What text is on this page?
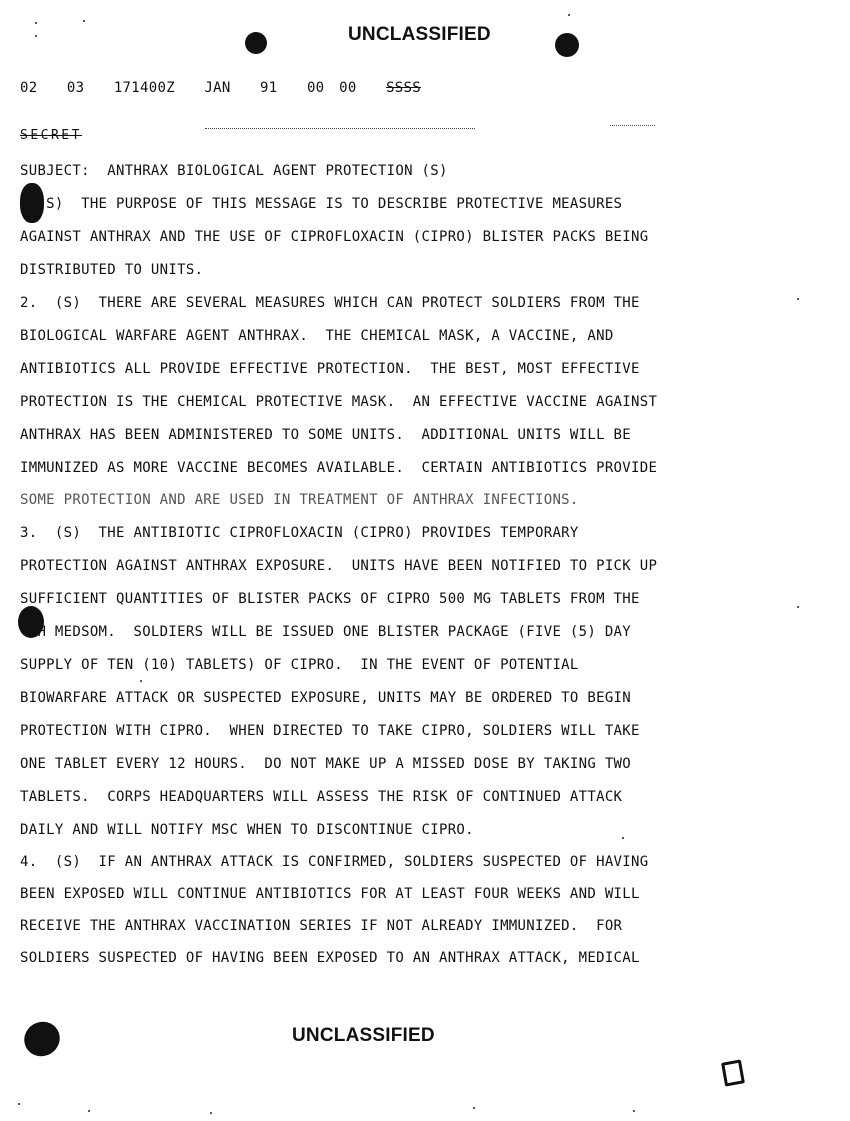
UNCLASSIFIED
02  03  171400Z  JAN  91  00 00  SSSS
SECRET
SUBJECT:  ANTHRAX BIOLOGICAL AGENT PROTECTION (S)
(S)  THE PURPOSE OF THIS MESSAGE IS TO DESCRIBE PROTECTIVE MEASURES
AGAINST ANTHRAX AND THE USE OF CIPROFLOXACIN (CIPRO) BLISTER PACKS BEING
DISTRIBUTED TO UNITS.
2.  (S)  THERE ARE SEVERAL MEASURES WHICH CAN PROTECT SOLDIERS FROM THE
BIOLOGICAL WARFARE AGENT ANTHRAX.  THE CHEMICAL MASK, A VACCINE, AND
ANTIBIOTICS ALL PROVIDE EFFECTIVE PROTECTION.  THE BEST, MOST EFFECTIVE
PROTECTION IS THE CHEMICAL PROTECTIVE MASK.  AN EFFECTIVE VACCINE AGAINST
ANTHRAX HAS BEEN ADMINISTERED TO SOME UNITS.  ADDITIONAL UNITS WILL BE
IMMUNIZED AS MORE VACCINE BECOMES AVAILABLE.  CERTAIN ANTIBIOTICS PROVIDE
SOME PROTECTION AND ARE USED IN TREATMENT OF ANTHRAX INFECTIONS.
3.  (S)  THE ANTIBIOTIC CIPROFLOXACIN (CIPRO) PROVIDES TEMPORARY
PROTECTION AGAINST ANTHRAX EXPOSURE.  UNITS HAVE BEEN NOTIFIED TO PICK UP
SUFFICIENT QUANTITIES OF BLISTER PACKS OF CIPRO 500 MG TABLETS FROM THE
TH MEDSOM.  SOLDIERS WILL BE ISSUED ONE BLISTER PACKAGE (FIVE (5) DAY
SUPPLY OF TEN (10) TABLETS) OF CIPRO.  IN THE EVENT OF POTENTIAL
BIOWARFARE ATTACK OR SUSPECTED EXPOSURE, UNITS MAY BE ORDERED TO BEGIN
PROTECTION WITH CIPRO.  WHEN DIRECTED TO TAKE CIPRO, SOLDIERS WILL TAKE
ONE TABLET EVERY 12 HOURS.  DO NOT MAKE UP A MISSED DOSE BY TAKING TWO
TABLETS.  CORPS HEADQUARTERS WILL ASSESS THE RISK OF CONTINUED ATTACK
DAILY AND WILL NOTIFY MSC WHEN TO DISCONTINUE CIPRO.
4.  (S)  IF AN ANTHRAX ATTACK IS CONFIRMED, SOLDIERS SUSPECTED OF HAVING
BEEN EXPOSED WILL CONTINUE ANTIBIOTICS FOR AT LEAST FOUR WEEKS AND WILL
RECEIVE THE ANTHRAX VACCINATION SERIES IF NOT ALREADY IMMUNIZED.  FOR
SOLDIERS SUSPECTED OF HAVING BEEN EXPOSED TO AN ANTHRAX ATTACK, MEDICAL
UNCLASSIFIED
